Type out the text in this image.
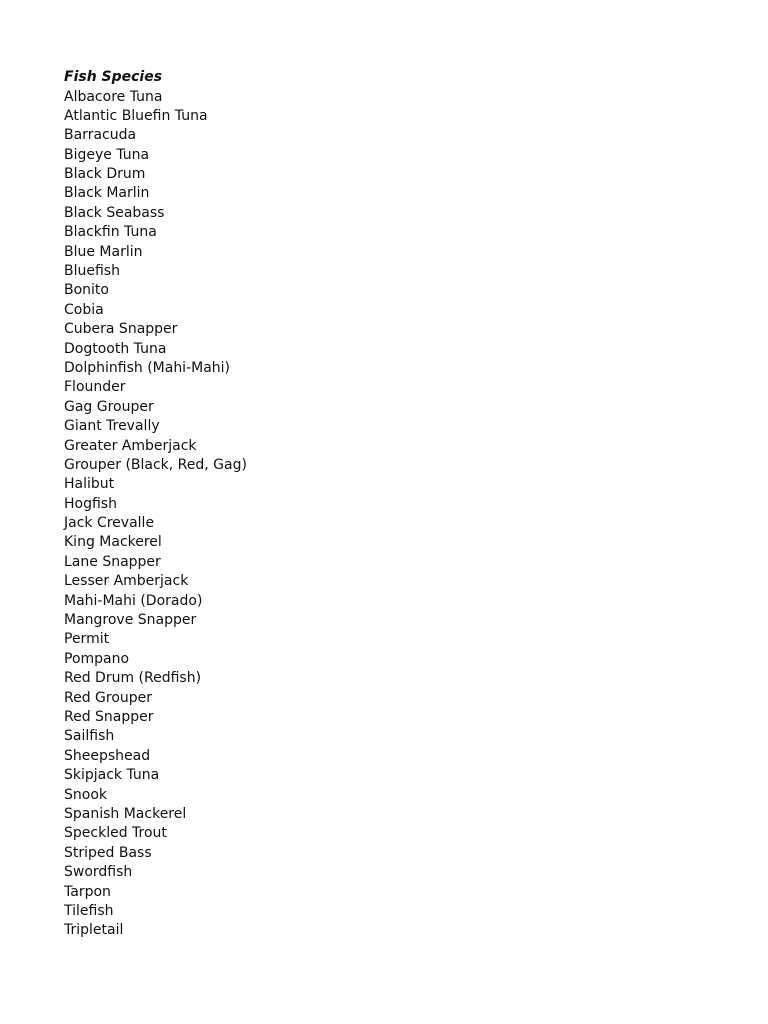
Fish Species
Albacore Tuna
Atlantic Bluefin Tuna
Barracuda
Bigeye Tuna
Black Drum
Black Marlin
Black Seabass
Blackfin Tuna
Blue Marlin
Bluefish
Bonito
Cobia
Cubera Snapper
Dogtooth Tuna
Dolphinfish (Mahi-Mahi)
Flounder
Gag Grouper
Giant Trevally
Greater Amberjack
Grouper (Black, Red, Gag)
Halibut
Hogfish
Jack Crevalle
King Mackerel
Lane Snapper
Lesser Amberjack
Mahi-Mahi (Dorado)
Mangrove Snapper
Permit
Pompano
Red Drum (Redfish)
Red Grouper
Red Snapper
Sailfish
Sheepshead
Skipjack Tuna
Snook
Spanish Mackerel
Speckled Trout
Striped Bass
Swordfish
Tarpon
Tilefish
Tripletail
